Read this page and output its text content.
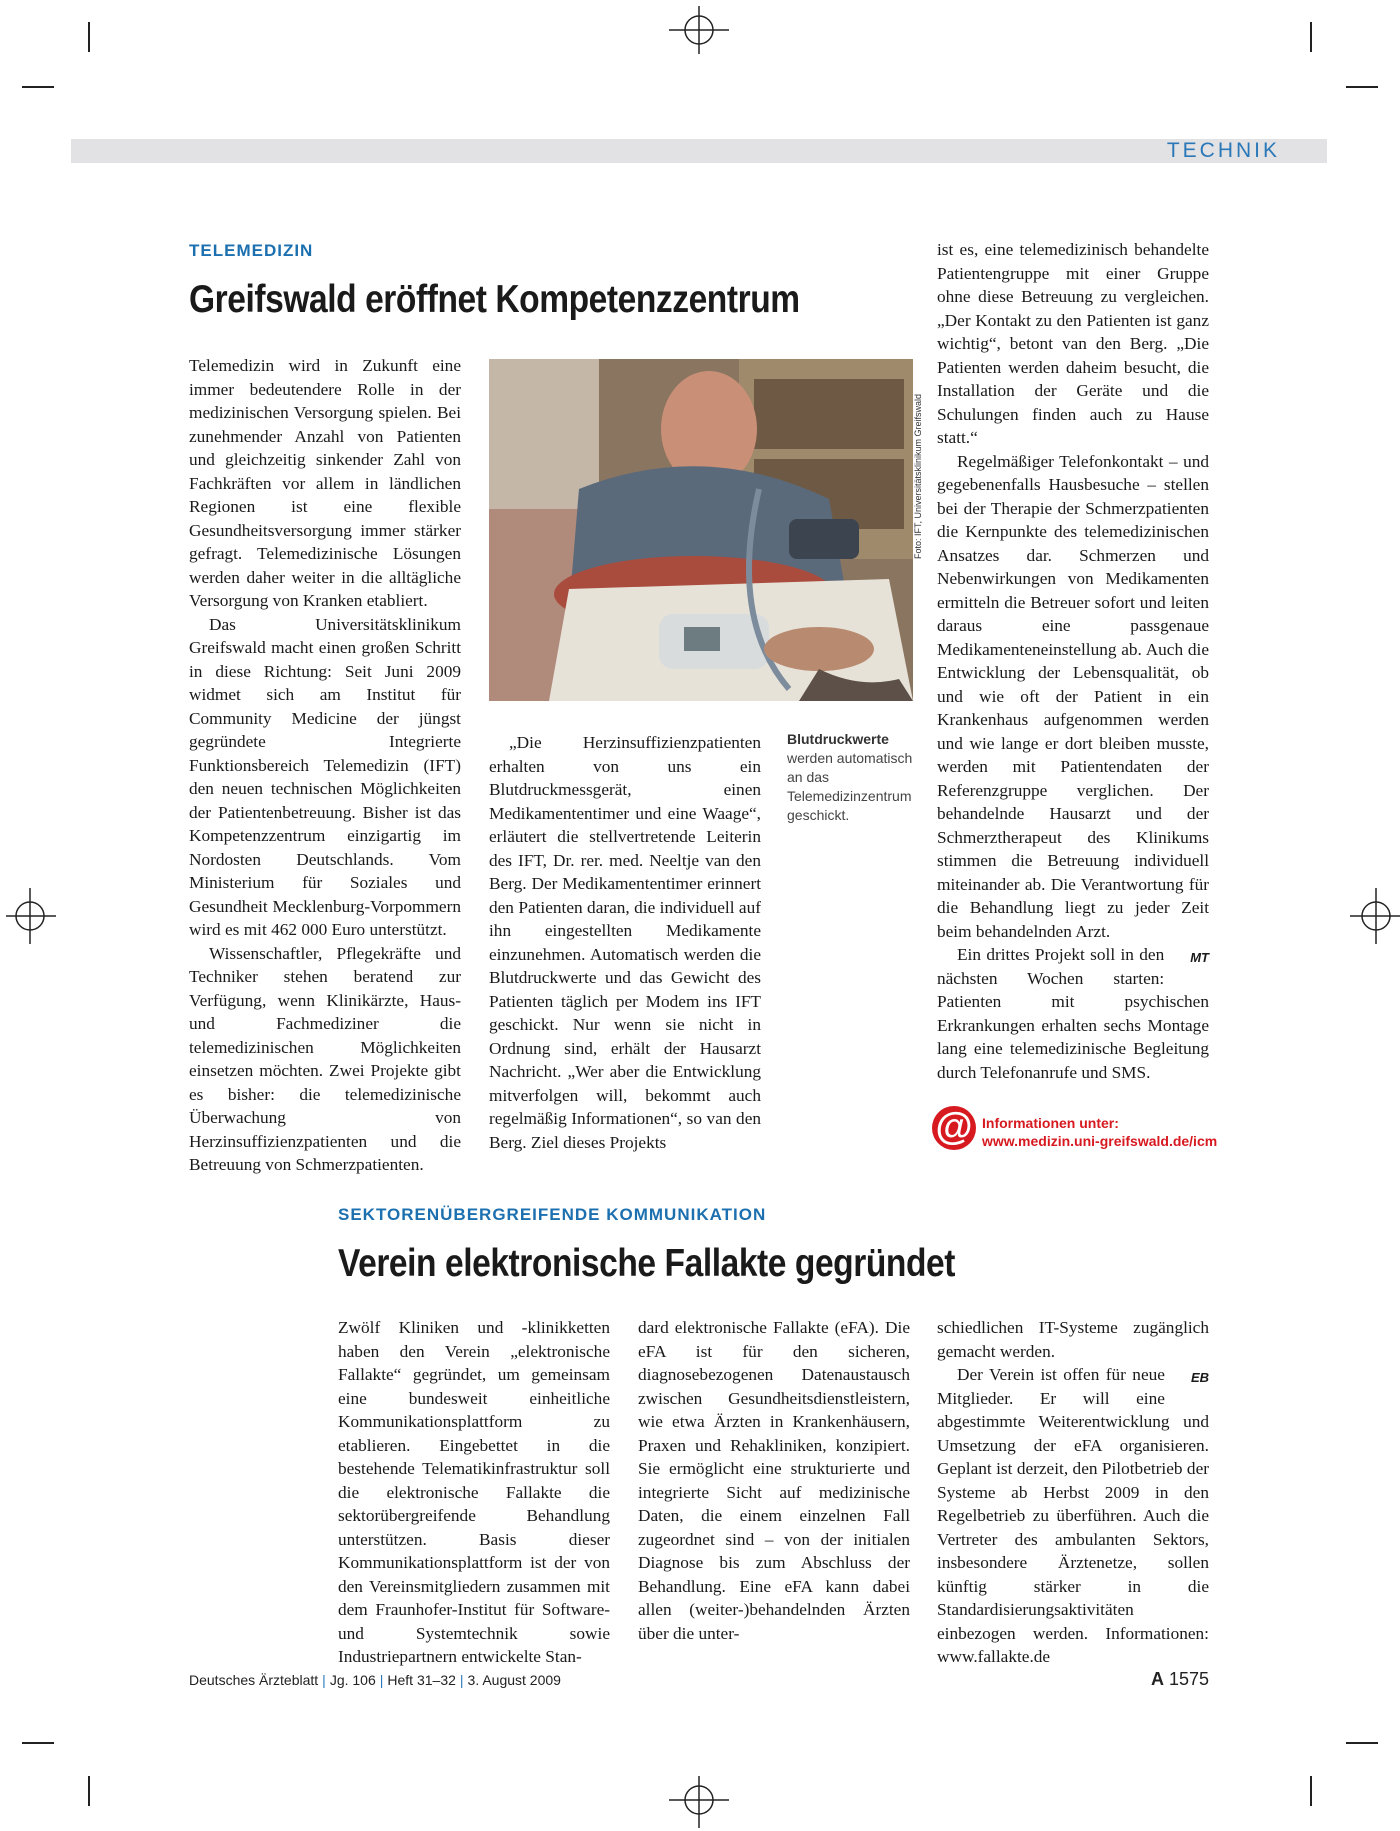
TECHNIK
TELEMEDIZIN
Greifswald eröffnet Kompetenzzentrum

Telemedizin wird in Zukunft eine immer bedeutendere Rolle in der medizinischen Versorgung spielen. Bei zunehmender Anzahl von Patienten und gleichzeitig sinkender Zahl von Fachkräften vor allem in ländlichen Regionen ist eine flexible Gesundheitsversorgung immer stärker gefragt. Telemedizinische Lösungen werden daher weiter in die alltägliche Versorgung von Kranken etabliert.

Das Universitätsklinikum Greifswald macht einen großen Schritt in diese Richtung: Seit Juni 2009 widmet sich am Institut für Community Medicine der jüngst gegründete Integrierte Funktionsbereich Telemedizin (IFT) den neuen technischen Möglichkeiten der Patientenbetreuung. Bisher ist das Kompetenzzentrum einzigartig im Nordosten Deutschlands. Vom Ministerium für Soziales und Gesundheit Mecklenburg-Vorpommern wird es mit 462 000 Euro unterstützt.

Wissenschaftler, Pflegekräfte und Techniker stehen beratend zur Verfügung, wenn Klinikärzte, Haus- und Fachmediziner die telemedizinischen Möglichkeiten einsetzen möchten. Zwei Projekte gibt es bisher: die telemedizinische Überwachung von Herzinsuffizienzpatienten und die Betreuung von Schmerzpatienten.

Foto: IFT, Universitätsklinikum Greifswald

„Die Herzinsuffizienzpatienten erhalten von uns ein Blutdruckmessgerät, einen Medikamententimer und eine Waage“, erläutert die stellvertretende Leiterin des IFT, Dr. rer. med. Neeltje van den Berg. Der Medikamententimer erinnert den Patienten daran, die individuell auf ihn eingestellten Medikamente einzunehmen. Automatisch werden die Blutdruckwerte und das Gewicht des Patienten täglich per Modem ins IFT geschickt. Nur wenn sie nicht in Ordnung sind, erhält der Hausarzt Nachricht. „Wer aber die Entwicklung mitverfolgen will, bekommt auch regelmäßig Informationen“, so van den Berg. Ziel dieses Projekts

Blutdruckwerte
werden automatisch an das Telemedizinzentrum geschickt.

ist es, eine telemedizinisch behandelte Patientengruppe mit einer Gruppe ohne diese Betreuung zu vergleichen. „Der Kontakt zu den Patienten ist ganz wichtig“, betont van den Berg. „Die Patienten werden daheim besucht, die Installation der Geräte und die Schulungen finden auch zu Hause statt.“

Regelmäßiger Telefonkontakt – und gegebenenfalls Hausbesuche – stellen bei der Therapie der Schmerzpatienten die Kernpunkte des telemedizinischen Ansatzes dar. Schmerzen und Nebenwirkungen von Medikamenten ermitteln die Betreuer sofort und leiten daraus eine passgenaue Medikamenteneinstellung ab. Auch die Entwicklung der Lebensqualität, ob und wie oft der Patient in ein Krankenhaus aufgenommen werden und wie lange er dort bleiben musste, werden mit Patientendaten der Referenzgruppe verglichen. Der behandelnde Hausarzt und der Schmerztherapeut des Klinikums stimmen die Betreuung individuell miteinander ab. Die Verantwortung für die Behandlung liegt zu jeder Zeit beim behandelnden Arzt.

MT
Ein drittes Projekt soll in den nächsten Wochen starten: Patienten mit psychischen Erkrankungen erhalten sechs Montage lang eine telemedizinische Begleitung durch Telefonanrufe und SMS.

@ Informationen unter:
www.medizin.uni-greifswald.de/icm
SEKTORENÜBERGREIFENDE KOMMUNIKATION
Verein elektronische Fallakte gegründet

Zwölf Kliniken und -klinikketten haben den Verein „elektronische Fallakte“ gegründet, um gemeinsam eine bundesweit einheitliche Kommunikationsplattform zu etablieren. Eingebettet in die bestehende Telematikinfrastruktur soll die elektronische Fallakte die sektorübergreifende Behandlung unterstützen. Basis dieser Kommunikationsplattform ist der von den Vereinsmitgliedern zusammen mit dem Fraunhofer-Institut für Software- und Systemtechnik sowie Industriepartnern entwickelte Stan-

dard elektronische Fallakte (eFA). Die eFA ist für den sicheren, diagnosebezogenen Datenaustausch zwischen Gesundheitsdienstleistern, wie etwa Ärzten in Krankenhäusern, Praxen und Rehakliniken, konzipiert. Sie ermöglicht eine strukturierte und integrierte Sicht auf medizinische Daten, die einem einzelnen Fall zugeordnet sind – von der initialen Diagnose bis zum Abschluss der Behandlung. Eine eFA kann dabei allen (weiter-)behandelnden Ärzten über die unter-

schiedlichen IT-Systeme zugänglich gemacht werden.

EB
Der Verein ist offen für neue Mitglieder. Er will eine abgestimmte Weiterentwicklung und Umsetzung der eFA organisieren. Geplant ist derzeit, den Pilotbetrieb der Systeme ab Herbst 2009 in den Regelbetrieb zu überführen. Auch die Vertreter des ambulanten Sektors, insbesondere Ärztenetze, sollen künftig stärker in die Standardisierungsaktivitäten einbezogen werden. Informationen: www.fallakte.de

Deutsches Ärzteblatt | Jg. 106 | Heft 31–32 | 3. August 2009	A 1575
